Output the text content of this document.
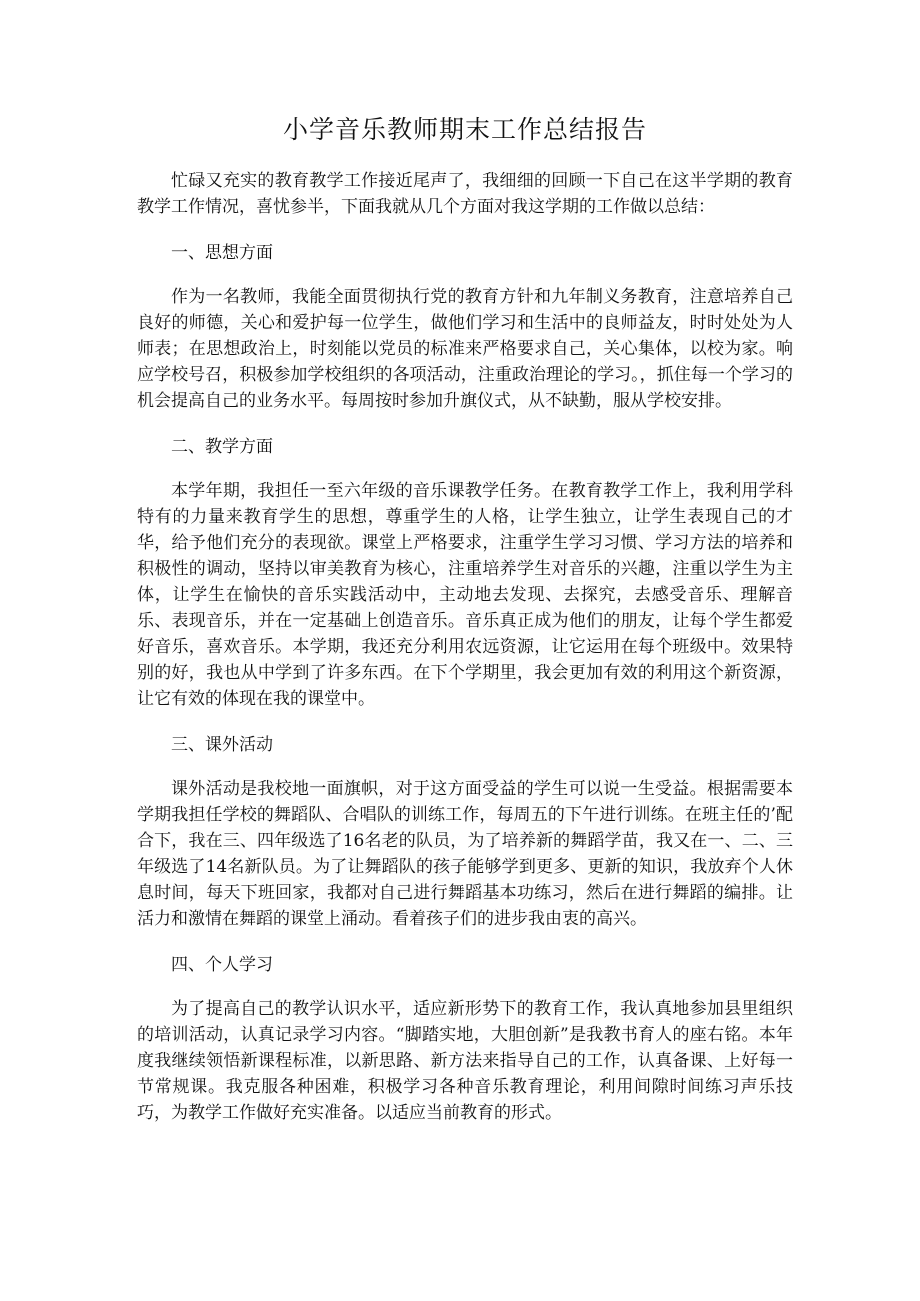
小学音乐教师期末工作总结报告

忙碌又充实的教育教学工作接近尾声了，我细细的回顾一下自己在这半学期的教育教学工作情况，喜忧参半，下面我就从几个方面对我这学期的工作做以总结：

一、思想方面

作为一名教师，我能全面贯彻执行党的教育方针和九年制义务教育，注意培养自己良好的师德，关心和爱护每一位学生，做他们学习和生活中的良师益友，时时处处为人师表；在思想政治上，时刻能以党员的标准来严格要求自己，关心集体，以校为家。响应学校号召，积极参加学校组织的各项活动，注重政治理论的学习。，抓住每一个学习的机会提高自己的业务水平。每周按时参加升旗仪式，从不缺勤，服从学校安排。

二、教学方面

本学年期，我担任一至六年级的音乐课教学任务。在教育教学工作上，我利用学科特有的力量来教育学生的思想，尊重学生的人格，让学生独立，让学生表现自己的才华，给予他们充分的表现欲。课堂上严格要求，注重学生学习习惯、学习方法的培养和积极性的调动，坚持以审美教育为核心，注重培养学生对音乐的兴趣，注重以学生为主体，让学生在愉快的音乐实践活动中，主动地去发现、去探究，去感受音乐、理解音乐、表现音乐，并在一定基础上创造音乐。音乐真正成为他们的朋友，让每个学生都爱好音乐，喜欢音乐。本学期，我还充分利用农远资源，让它运用在每个班级中。效果特别的好，我也从中学到了许多东西。在下个学期里，我会更加有效的利用这个新资源，让它有效的体现在我的课堂中。

三、课外活动

课外活动是我校地一面旗帜，对于这方面受益的学生可以说一生受益。根据需要本学期我担任学校的舞蹈队、合唱队的训练工作，每周五的下午进行训练。在班主任的’配合下，我在三、四年级选了16名老的队员，为了培养新的舞蹈学苗，我又在一、二、三年级选了14名新队员。为了让舞蹈队的孩子能够学到更多、更新的知识，我放弃个人休息时间，每天下班回家，我都对自己进行舞蹈基本功练习，然后在进行舞蹈的编排。让活力和激情在舞蹈的课堂上涌动。看着孩子们的进步我由衷的高兴。

四、个人学习

为了提高自己的教学认识水平，适应新形势下的教育工作，我认真地参加县里组织的培训活动，认真记录学习内容。“脚踏实地，大胆创新”是我教书育人的座右铭。本年度我继续领悟新课程标准，以新思路、新方法来指导自己的工作，认真备课、上好每一节常规课。我克服各种困难，积极学习各种音乐教育理论，利用间隙时间练习声乐技巧，为教学工作做好充实准备。以适应当前教育的形式。
